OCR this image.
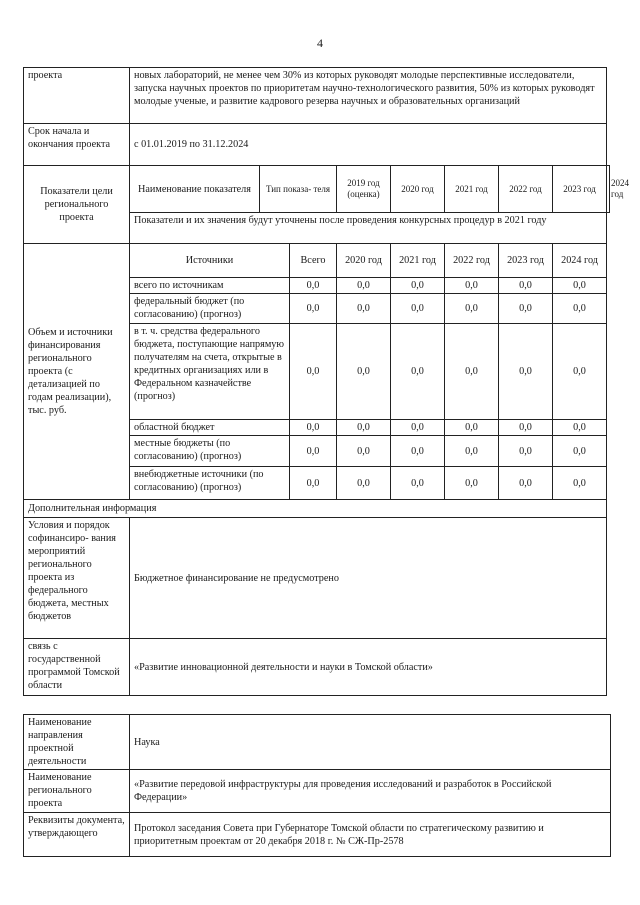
4
проекта	новых лабораторий, не менее чем 30% из которых руководят молодые перспективные исследователи, запуска научных проектов по приоритетам научно-технологического развития, 50% из которых руководят молодые ученые, и развитие кадрового резерва научных и образовательных организаций								
Срок начала и окончания проекта	с 01.01.2019 по 31.12.2024								
Показатели цели регионального проекта	Наименование показателя	Тип показа- теля		2019 год (оценка)	2020 год	2021 год	2022 год	2023 год	2024 год
	Показатели и их значения будут уточнены после проведения конкурсных процедур в 2021 году								
Объем и источники финансирования регионального проекта (с детализацией по годам реализации), тыс. руб.	Источники		Всего	2020 год	2021 год	2022 год	2023 год	2024 год	
	всего по источникам		0,0	0,0	0,0	0,0	0,0	0,0	
	федеральный бюджет (по согласованию) (прогноз)		0,0	0,0	0,0	0,0	0,0	0,0	
	в т. ч. средства федерального бюджета, поступающие напрямую получателям на счета, открытые в кредитных организациях или в Федеральном казначействе (прогноз)		0,0	0,0	0,0	0,0	0,0	0,0	
	областной бюджет		0,0	0,0	0,0	0,0	0,0	0,0	
	местные бюджеты (по согласованию) (прогноз)		0,0	0,0	0,0	0,0	0,0	0,0	
	внебюджетные источники (по согласованию) (прогноз)		0,0	0,0	0,0	0,0	0,0	0,0	
Дополнительная информация									
Условия и порядок софинансиро- вания мероприятий регионального проекта из федерального бюджета, местных бюджетов	Бюджетное финансирование не предусмотрено								
связь с государственной программой Томской области	«Развитие инновационной деятельности и науки в Томской области»								
Наименование направления проектной деятельности	Наука
Наименование регионального проекта	«Развитие передовой инфраструктуры для проведения исследований и разработок в Российской Федерации»
Реквизиты документа, утверждающего	Протокол заседания Совета при Губернаторе Томской области по стратегическому развитию и приоритетным проектам от 20 декабря 2018 г. № СЖ-Пр-2578
